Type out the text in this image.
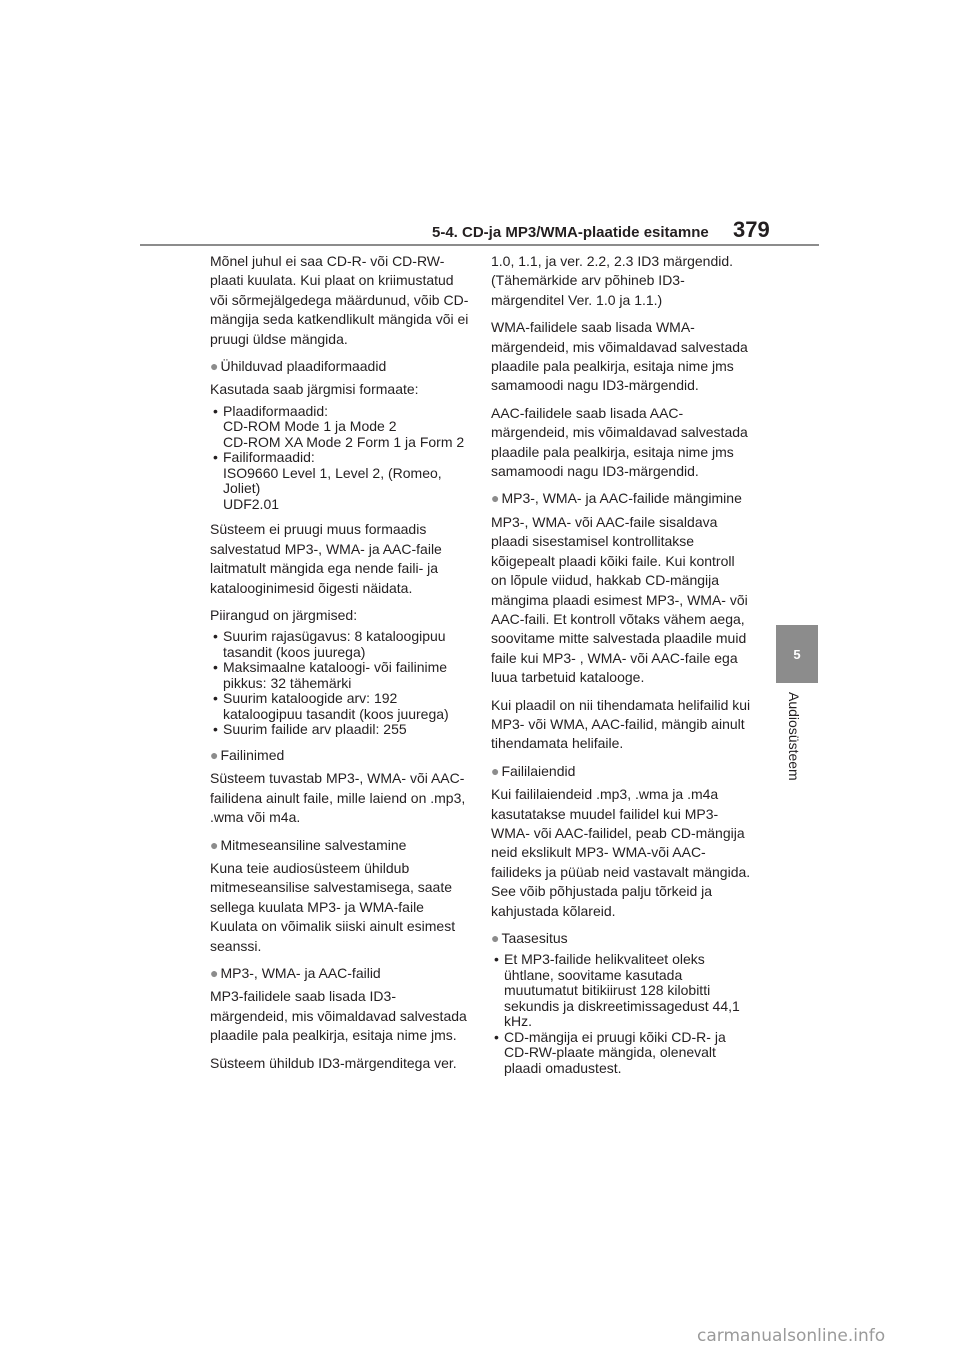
5-4. CD-ja MP3/WMA-plaatide esitamne 379
5
Audiosüsteem

Mõnel juhul ei saa CD-R- või CD-RW-plaati kuulata. Kui plaat on kriimustatud või sõrmejälgedega määrdunud, võib CD-mängija seda katkendlikult mängida või ei pruugi üldse mängida.

● Ühilduvad plaadiformaadid

Kasutada saab järgmisi formaate:

• Plaadiformaadid:
CD-ROM Mode 1 ja Mode 2
CD-ROM XA Mode 2 Form 1 ja Form 2
• Failiformaadid:
ISO9660 Level 1, Level 2, (Romeo, Joliet)
UDF2.01

Süsteem ei pruugi muus formaadis salvestatud MP3-, WMA- ja AAC-faile laitmatult mängida ega nende faili- ja katalooginimesid õigesti näidata.

Piirangud on järgmised:

• Suurim rajasügavus: 8 kataloogipuu tasandit (koos juurega)
• Maksimaalne kataloogi- või failinime pikkus: 32 tähemärki
• Suurim kataloogide arv: 192 kataloogipuu tasandit (koos juurega)
• Suurim failide arv plaadil: 255
● Failinimed

Süsteem tuvastab MP3-, WMA- või AAC-failidena ainult faile, mille laiend on .mp3, .wma või m4a.

● Mitmeseansiline salvestamine

Kuna teie audiosüsteem ühildub mitmeseansilise salvestamisega, saate sellega kuulata MP3- ja WMA-faile Kuulata on võimalik siiski ainult esimest seanssi.

● MP3-, WMA- ja AAC-failid

MP3-failidele saab lisada ID3-märgendeid, mis võimaldavad salvestada plaadile pala pealkirja, esitaja nime jms.

Süsteem ühildub ID3-märgenditega ver.

1.0, 1.1, ja ver. 2.2, 2.3 ID3 märgendid. (Tähemärkide arv põhineb ID3-märgenditel Ver. 1.0 ja 1.1.)

WMA-failidele saab lisada WMA-märgendeid, mis võimaldavad salvestada plaadile pala pealkirja, esitaja nime jms samamoodi nagu ID3-märgendid.

AAC-failidele saab lisada AAC-märgendeid, mis võimaldavad salvestada plaadile pala pealkirja, esitaja nime jms samamoodi nagu ID3-märgendid.

● MP3-, WMA- ja AAC-failide mängimine

MP3-, WMA- või AAC-faile sisaldava plaadi sisestamisel kontrollitakse kõigepealt plaadi kõiki faile. Kui kontroll on lõpule viidud, hakkab CD-mängija mängima plaadi esimest MP3-, WMA- või AAC-faili. Et kontroll võtaks vähem aega, soovitame mitte salvestada plaadile muid faile kui MP3- , WMA- või AAC-faile ega luua tarbetuid katalooge.

Kui plaadil on nii tihendamata helifailid kui MP3- või WMA, AAC-failid, mängib ainult tihendamata helifaile.

● Faililaiendid

Kui faililaiendeid .mp3, .wma ja .m4a kasutatakse muudel failidel kui MP3-WMA- või AAC-failidel, peab CD-mängija neid ekslikult MP3- WMA-või AAC-failideks ja püüab neid vastavalt mängida. See võib põhjustada palju tõrkeid ja kahjustada kõlareid.

● Taasesitus
• Et MP3-failide helikvaliteet oleks ühtlane, soovitame kasutada muutumatut bitikiirust 128 kilobitti sekundis ja diskreetimissagedust 44,1 kHz.
• CD-mängija ei pruugi kõiki CD-R- ja CD-RW-plaate mängida, olenevalt plaadi omadustest.
carmanualsonline.info
